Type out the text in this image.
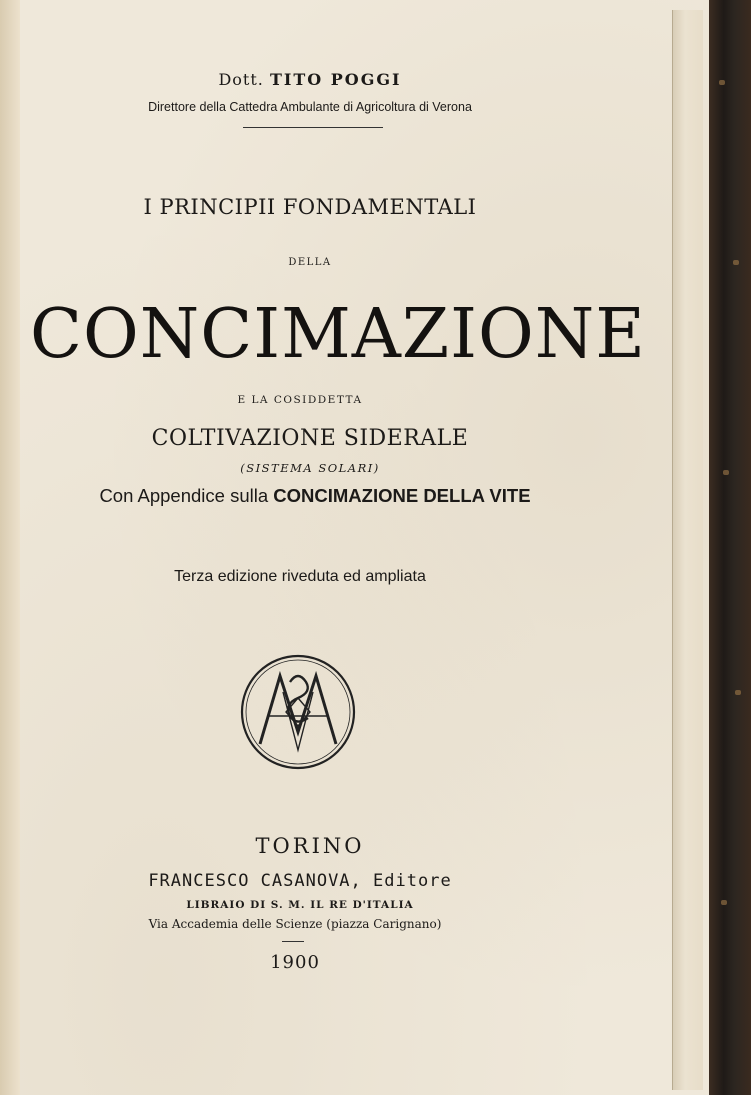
Dott. TITO POGGI
Direttore della Cattedra Ambulante di Agricoltura di Verona
I PRINCIPII FONDAMENTALI
DELLA
CONCIMAZIONE
E LA COSIDDETTA
COLTIVAZIONE SIDERALE
(SISTEMA SOLARI)
Con Appendice sulla CONCIMAZIONE DELLA VITE
Terza edizione riveduta ed ampliata
TORINO
FRANCESCO CASANOVA, Editore
LIBRAIO DI S. M. IL RE D'ITALIA
Via Accademia delle Scienze (piazza Carignano)
1900
